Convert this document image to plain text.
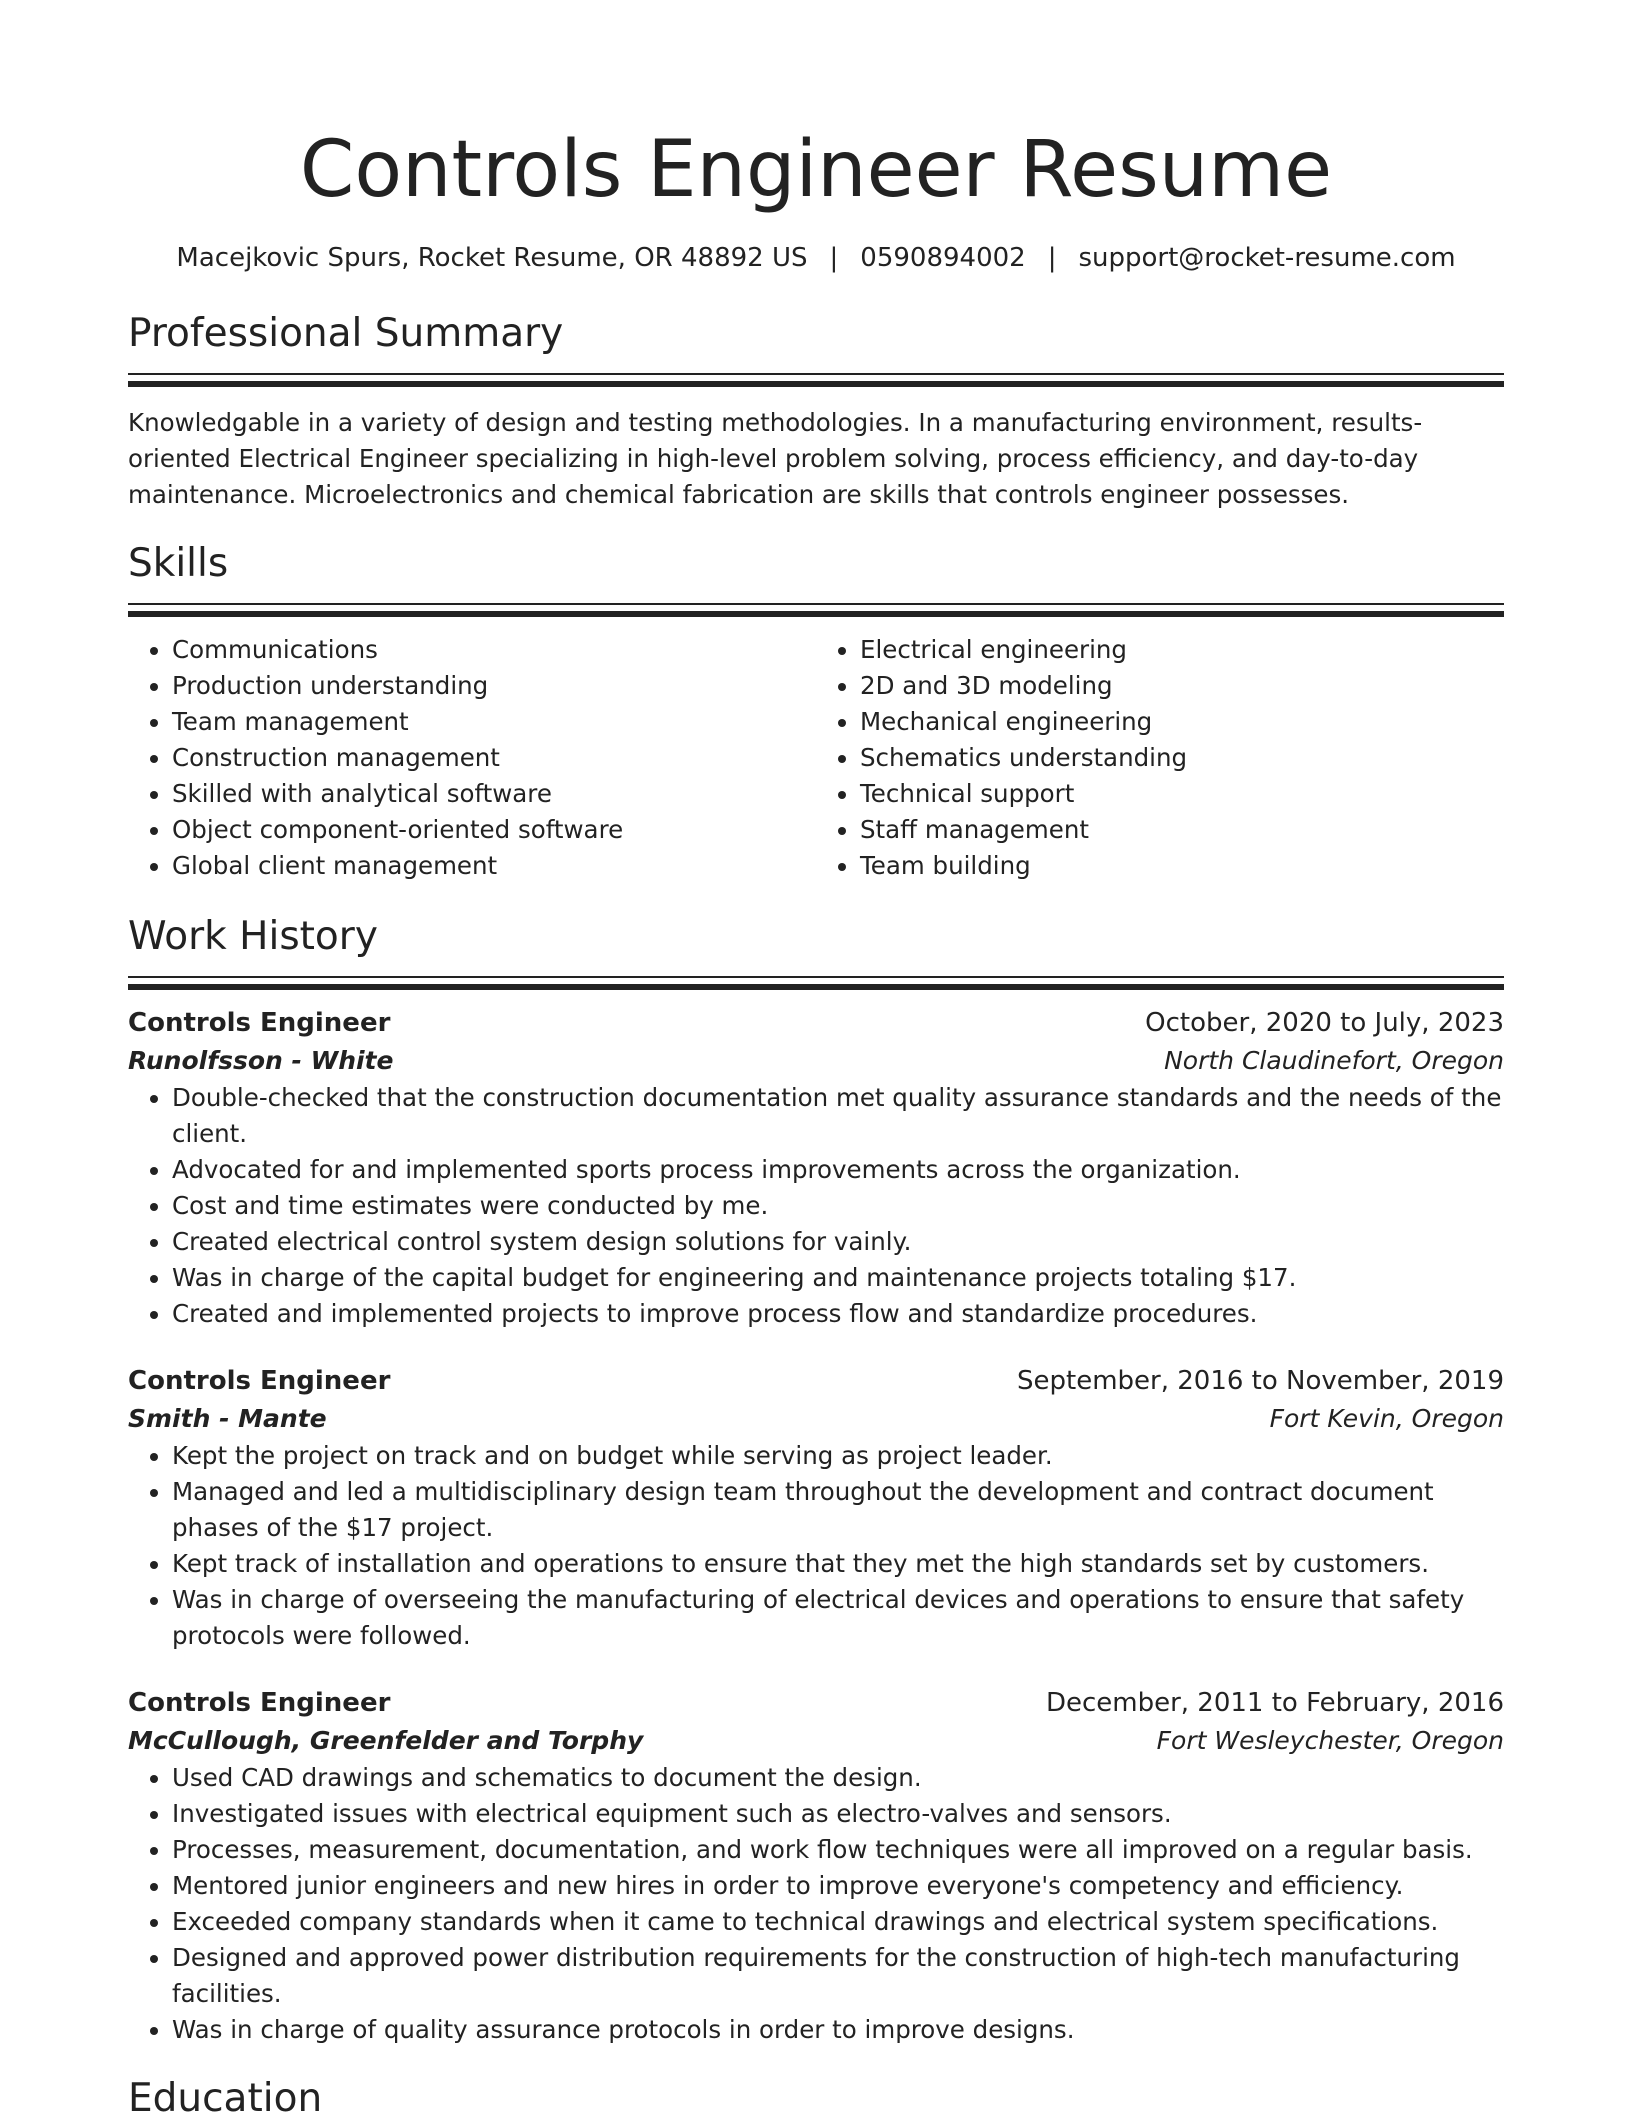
Controls Engineer Resume
Macejkovic Spurs, Rocket Resume, OR 48892 US | 0590894002 | support@rocket-resume.com
Professional Summary

Knowledgable in a variety of design and testing methodologies. In a manufacturing environment, results-oriented Electrical Engineer specializing in high-level problem solving, process efficiency, and day-to-day maintenance. Microelectronics and chemical fabrication are skills that controls engineer possesses.

Skills
• Communications
• Production understanding
• Team management
• Construction management
• Skilled with analytical software
• Object component-oriented software
• Global client management
• Electrical engineering
• 2D and 3D modeling
• Mechanical engineering
• Schematics understanding
• Technical support
• Staff management
• Team building
Work History
Controls Engineer	October, 2020 to July, 2023
Runolfsson - White	North Claudinefort, Oregon
• Double-checked that the construction documentation met quality assurance standards and the needs of the client.
• Advocated for and implemented sports process improvements across the organization.
• Cost and time estimates were conducted by me.
• Created electrical control system design solutions for vainly.
• Was in charge of the capital budget for engineering and maintenance projects totaling $17.
• Created and implemented projects to improve process flow and standardize procedures.
Controls Engineer	September, 2016 to November, 2019
Smith - Mante	Fort Kevin, Oregon
• Kept the project on track and on budget while serving as project leader.
• Managed and led a multidisciplinary design team throughout the development and contract document phases of the $17 project.
• Kept track of installation and operations to ensure that they met the high standards set by customers.
• Was in charge of overseeing the manufacturing of electrical devices and operations to ensure that safety protocols were followed.
Controls Engineer	December, 2011 to February, 2016
McCullough, Greenfelder and Torphy	Fort Wesleychester, Oregon
• Used CAD drawings and schematics to document the design.
• Investigated issues with electrical equipment such as electro-valves and sensors.
• Processes, measurement, documentation, and work flow techniques were all improved on a regular basis.
• Mentored junior engineers and new hires in order to improve everyone's competency and efficiency.
• Exceeded company standards when it came to technical drawings and electrical system specifications.
• Designed and approved power distribution requirements for the construction of high-tech manufacturing facilities.
• Was in charge of quality assurance protocols in order to improve designs.
Education
